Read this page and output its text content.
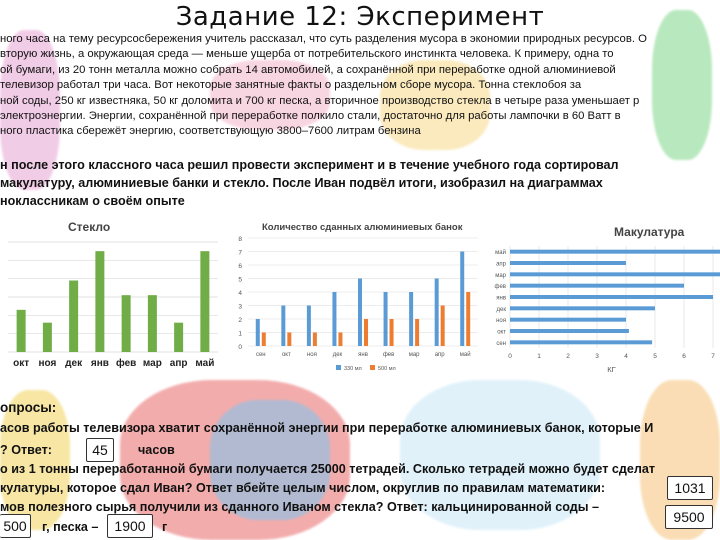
Задание 12: Эксперимент
ного часа на тему ресурсосбережения учитель рассказал, что суть разделения мусора в экономии природных ресурсов. О
вторую жизнь, а окружающая среда — меньше ущерба от потребительского инстинкта человека. К примеру, одна то
ой бумаги, из 20 тонн металла можно собрать 14 автомобилей, а сохранённой при переработке одной алюминиевой
телевизор работал три часа. Вот некоторые занятные факты о раздельном сборе мусора. Тонна стеклобоя за
ной соды, 250 кг известняка, 50 кг доломита и 700 кг песка, а вторичное производство стекла в четыре раза уменьшает р
электроэнергии. Энергии, сохранённой при переработке полкило стали, достаточно для работы лампочки в 60 Ватт в
ного пластика сбережёт энергию, соответствующую 3800–7600 литрам бензина
н после этого классного часа решил провести эксперимент и в течение учебного года сортировал
макулатуру, алюминиевые банки и стекло. После Иван подвёл итоги, изобразил на диаграммах
ноклассникам о своём опыте
Стекло
окт ноя дек янв фев мар апр май
Количество сданных алюминиевых банок
0
1
2
3
4
5
6
7
8
сен	окт	ноя	дек	янв фев мар	апр	май
330 мл	500 мл
Макулатура
0	1	2	3	4	5	6	7
май
апр
мар
фев
янв
дек
ноя
окт
сен
КГ
опросы:
асов работы телевизора хватит сохранённой энергии при переработке алюминиевых банок, которые И
? Ответ:	45	часов
о из 1 тонны переработанной бумаги получается 25000 тетрадей. Сколько тетрадей можно будет сделат
кулатуры, которое сдал Иван? Ответ вбейте целым числом, округлив по правилам математики:	1031
мов полезного сырья получили из сданного Иваном стекла? Ответ: кальцинированной соды –
9500
500	г, песка –	1900	г
